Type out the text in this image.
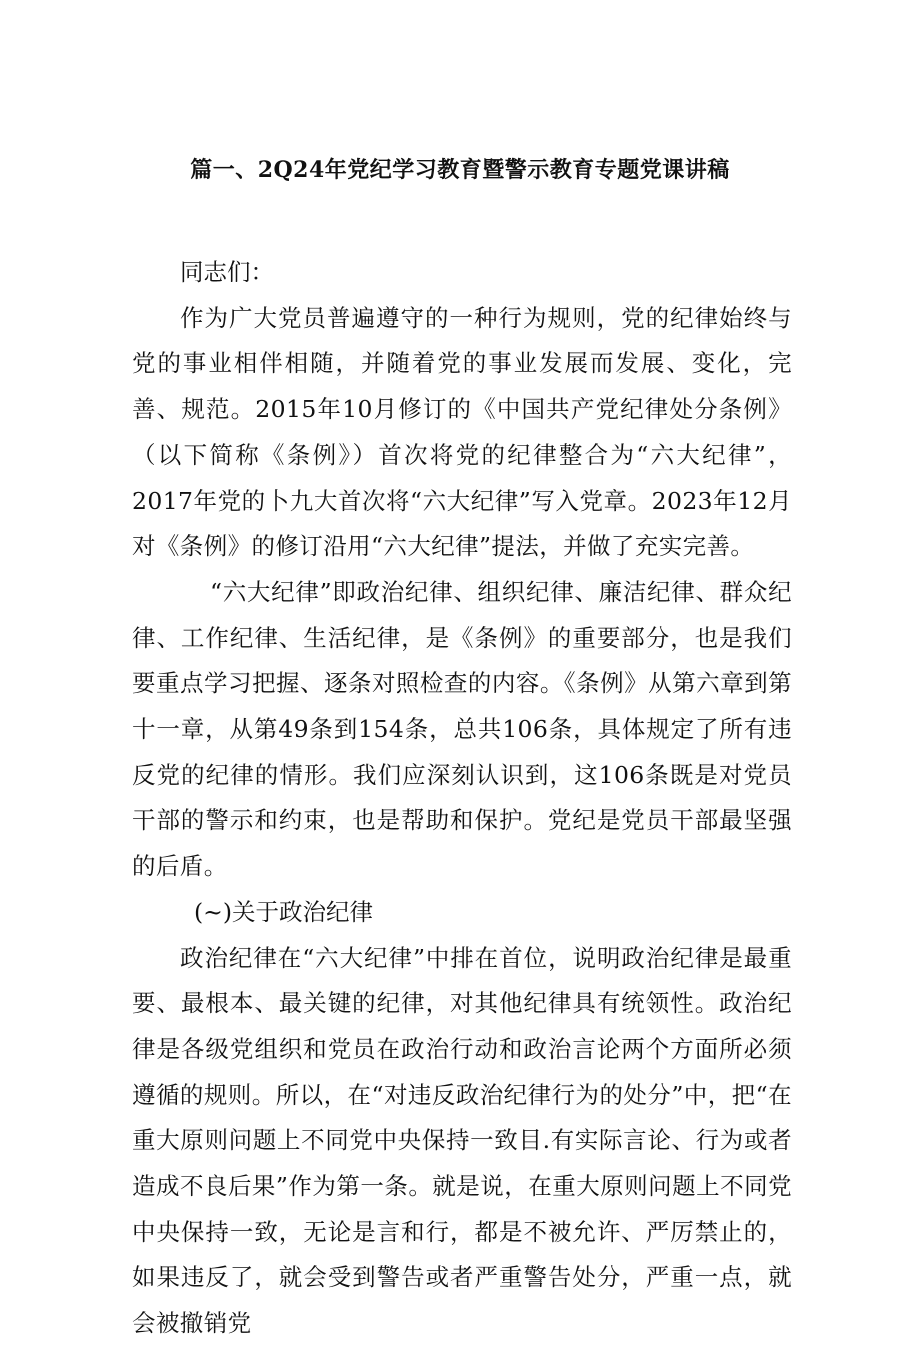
篇一、2Q24年党纪学习教育暨警示教育专题党课讲稿

同志们：

作为广大党员普遍遵守的一种行为规则，党的纪律始终与党的事业相伴相随，并随着党的事业发展而发展、变化，完善、规范。2015年10月修订的《中国共产党纪律处分条例》（以下简称《条例》）首次将党的纪律整合为“六大纪律”，2017年党的卜九大首次将“六大纪律”写入党章。2023年12月对《条例》的修订沿用“六大纪律”提法，并做了充实完善。

“六大纪律”即政治纪律、组织纪律、廉洁纪律、群众纪律、工作纪律、生活纪律，是《条例》的重要部分，也是我们要重点学习把握、逐条对照检查的内容。《条例》从第六章到第十一章，从第49条到154条，总共106条，具体规定了所有违反党的纪律的情形。我们应深刻认识到，这106条既是对党员干部的警示和约束，也是帮助和保护。党纪是党员干部最坚强的后盾。

(~)关于政治纪律

政治纪律在“六大纪律”中排在首位，说明政治纪律是最重要、最根本、最关键的纪律，对其他纪律具有统领性。政治纪律是各级党组织和党员在政治行动和政治言论两个方面所必须遵循的规则。所以，在“对违反政治纪律行为的处分”中，把“在重大原则问题上不同党中央保持一致目.有实际言论、行为或者造成不良后果”作为第一条。就是说，在重大原则问题上不同党中央保持一致，无论是言和行，都是不被允许、严厉禁止的，如果违反了，就会受到警告或者严重警告处分，严重一点，就会被撤销党
